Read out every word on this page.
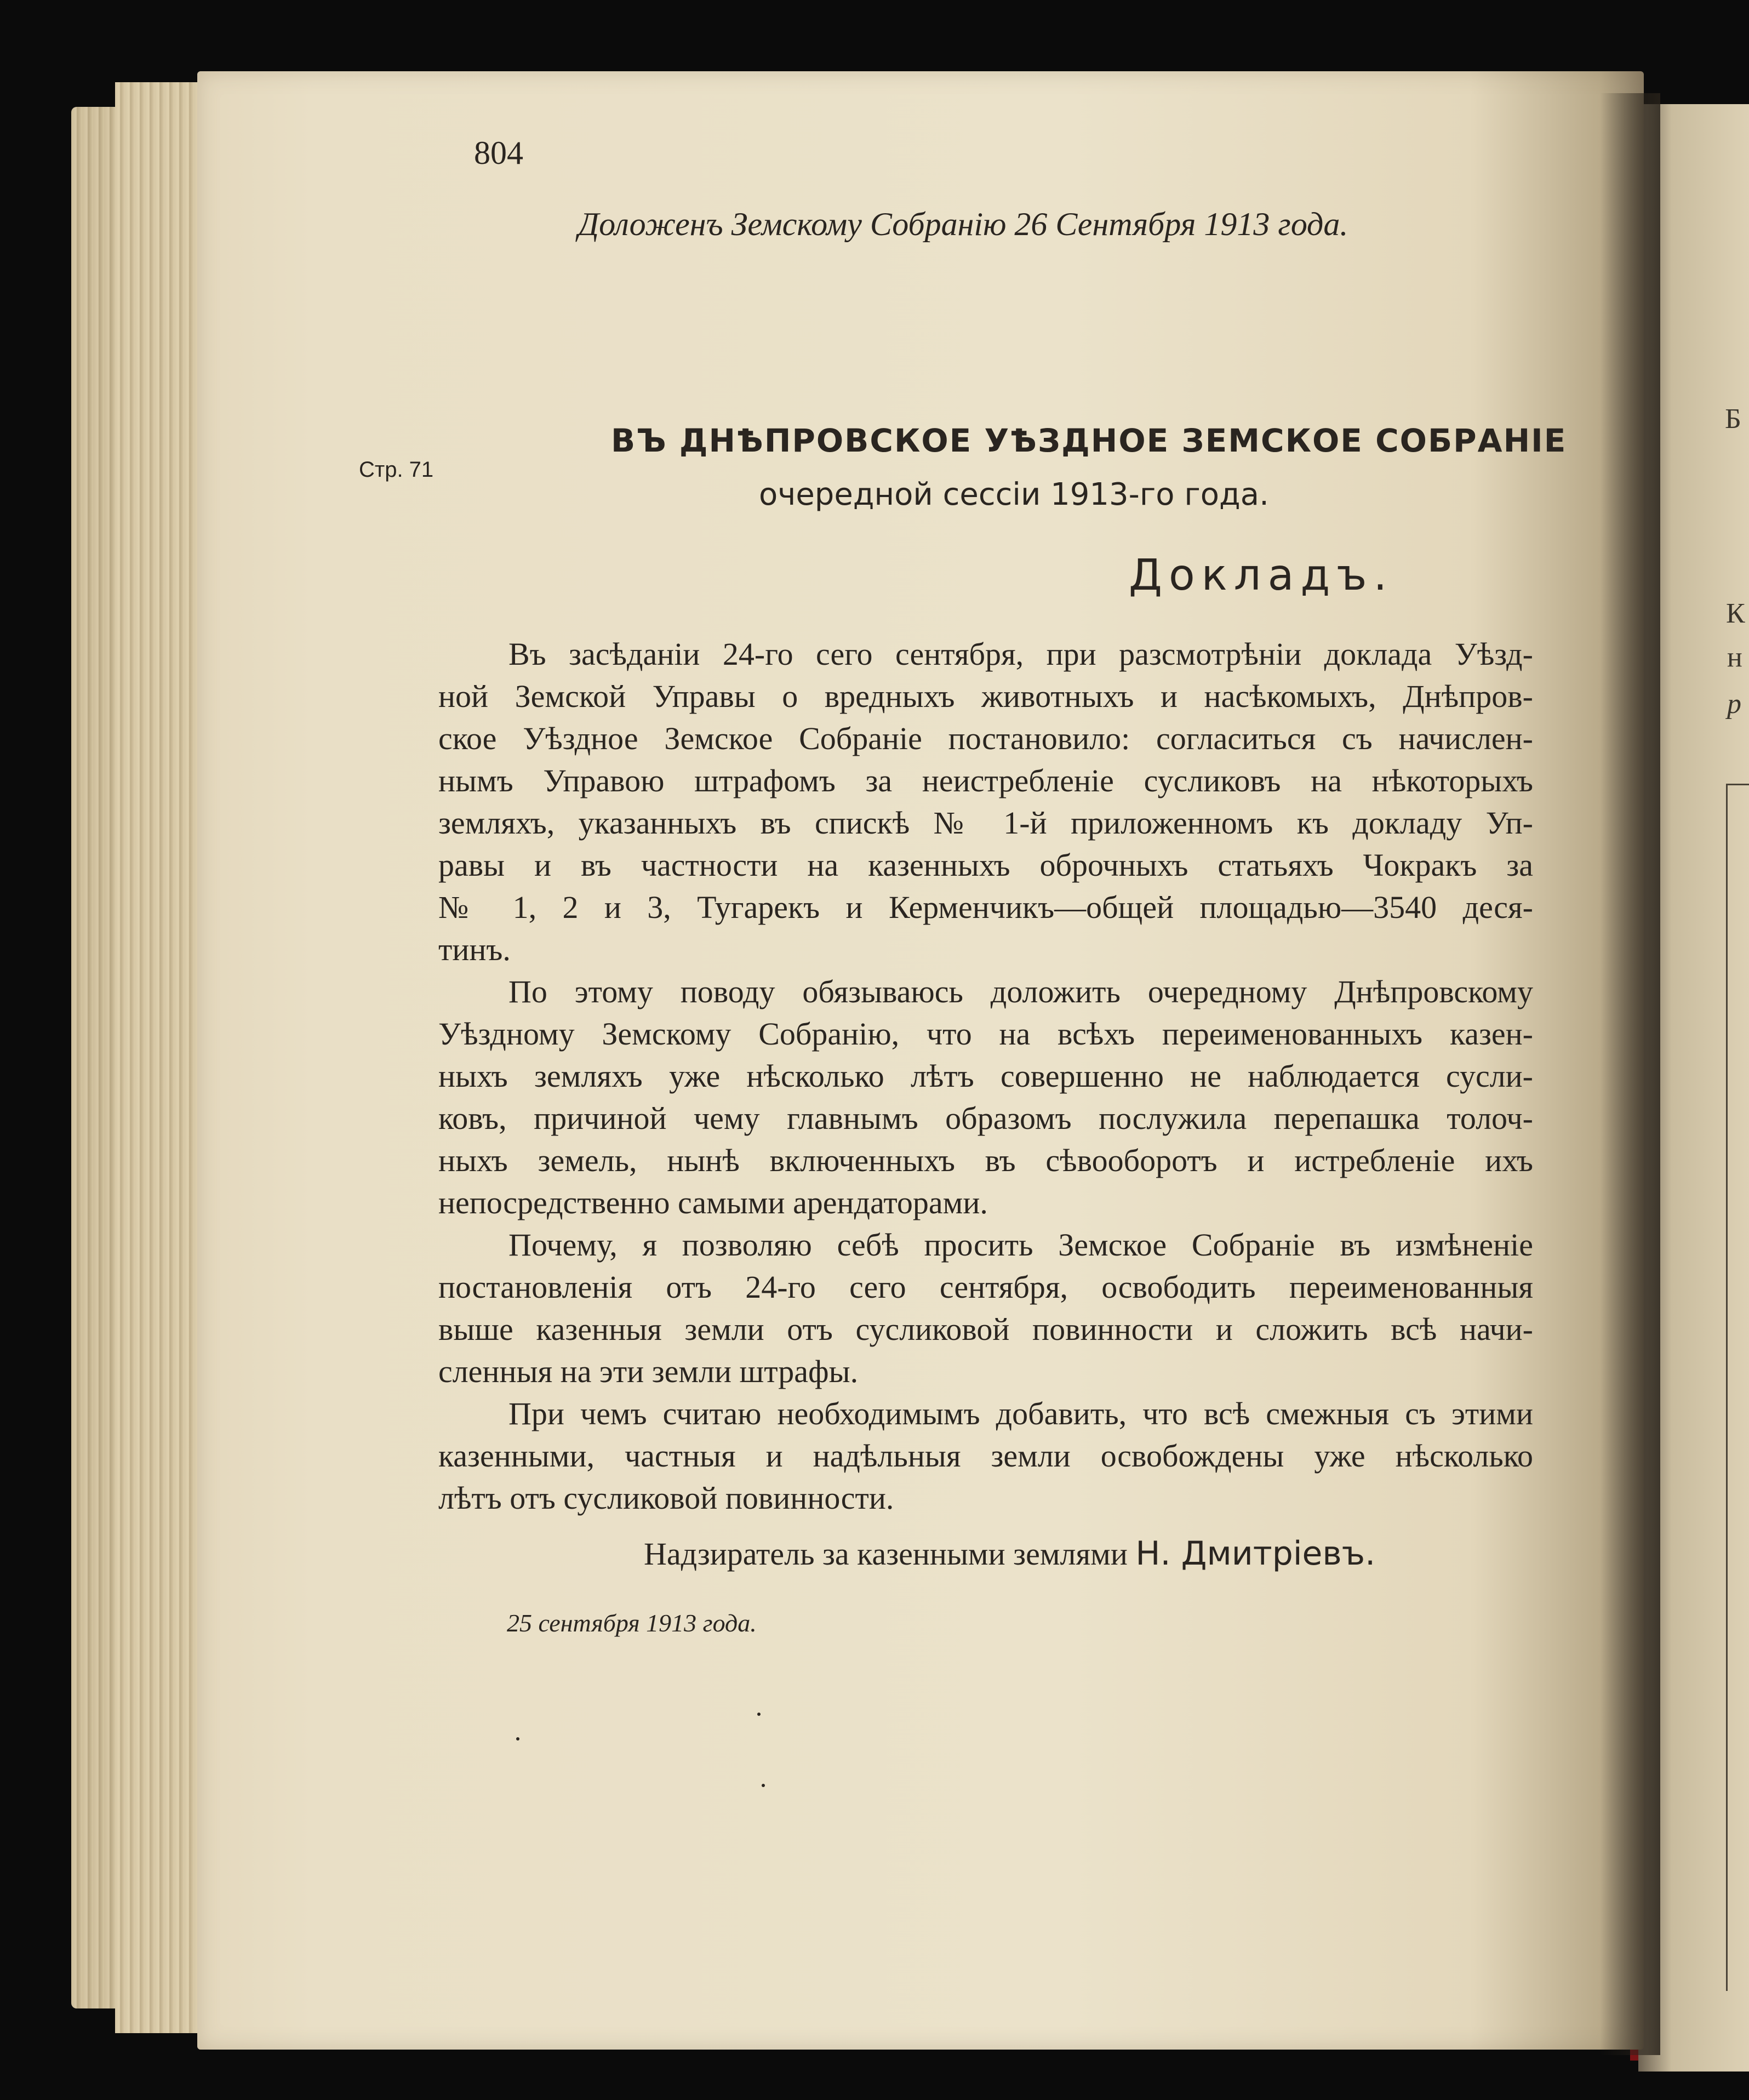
Б
К
н
р
804
Доложенъ Земскому Собранію 26 Сентября 1913 года.
Стр. 71
ВЪ ДНѢПРОВСКОЕ УѢЗДНОЕ ЗЕМСКОЕ СОБРАНІЕ
очередной сессіи 1913-го года.
Докладъ.
Въ засѣданіи 24-го сего сентября, при разсмотрѣніи доклада Уѣзд-
ной Земской Управы о вредныхъ животныхъ и насѣкомыхъ, Днѣпров-
ское Уѣздное Земское Собраніе постановило: согласиться съ начислен-
нымъ Управою штрафомъ за неистребленіе сусликовъ на нѣкоторыхъ
земляхъ, указанныхъ въ спискѣ № 1-й приложенномъ къ докладу Уп-
равы и въ частности на казенныхъ оброчныхъ статьяхъ Чокракъ за
№ 1, 2 и 3, Тугарекъ и Керменчикъ—общей площадью—3540 деся-
тинъ.
По этому поводу обязываюсь доложить очередному Днѣпровскому
Уѣздному Земскому Собранію, что на всѣхъ переименованныхъ казен-
ныхъ земляхъ уже нѣсколько лѣтъ совершенно не наблюдается сусли-
ковъ, причиной чему главнымъ образомъ послужила перепашка толоч-
ныхъ земель, нынѣ включенныхъ въ сѣвооборотъ и истребленіе ихъ
непосредственно самыми арендаторами.
Почему, я позволяю себѣ просить Земское Собраніе въ измѣненіе
постановленія отъ 24-го сего сентября, освободить переименованныя
выше казенныя земли отъ сусликовой повинности и сложить всѣ начи-
сленныя на эти земли штрафы.
При чемъ считаю необходимымъ добавить, что всѣ смежныя съ этими
казенными, частныя и надѣльныя земли освобождены уже нѣсколько
лѣтъ отъ сусликовой повинности.
Надзиратель за казенными землями Н. Дмитріевъ.
25 сентября 1913 года.
